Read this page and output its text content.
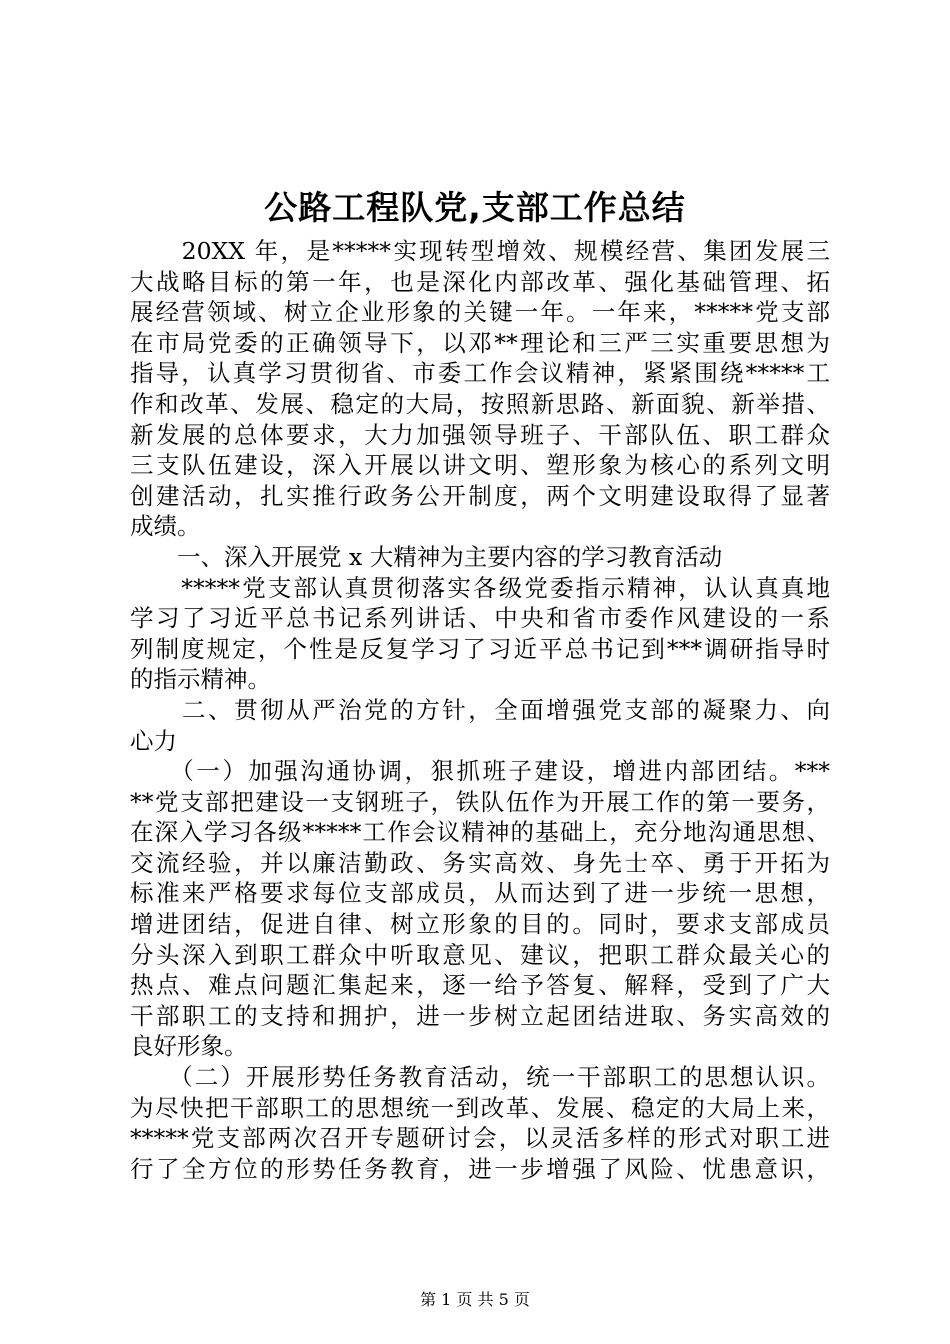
公路工程队党,支部工作总结
　　20XX 年，是*****实现转型增效、规模经营、集团发展三
大战略目标的第一年，也是深化内部改革、强化基础管理、拓
展经营领域、树立企业形象的关键一年。一年来，*****党支部
在市局党委的正确领导下，以邓**理论和三严三实重要思想为
指导，认真学习贯彻省、市委工作会议精神，紧紧围绕*****工
作和改革、发展、稳定的大局，按照新思路、新面貌、新举措、
新发展的总体要求，大力加强领导班子、干部队伍、职工群众
三支队伍建设，深入开展以讲文明、塑形象为核心的系列文明
创建活动，扎实推行政务公开制度，两个文明建设取得了显著
成绩。
　　一、深入开展党 x 大精神为主要内容的学习教育活动
　　*****党支部认真贯彻落实各级党委指示精神，认认真真地
学习了习近平总书记系列讲话、中央和省市委作风建设的一系
列制度规定，个性是反复学习了习近平总书记到***调研指导时
的指示精神。
　　二、贯彻从严治党的方针，全面增强党支部的凝聚力、向
心力
　　（一）加强沟通协调，狠抓班子建设，增进内部团结。***
**党支部把建设一支钢班子，铁队伍作为开展工作的第一要务，
在深入学习各级*****工作会议精神的基础上，充分地沟通思想、
交流经验，并以廉洁勤政、务实高效、身先士卒、勇于开拓为
标准来严格要求每位支部成员，从而达到了进一步统一思想，
增进团结，促进自律、树立形象的目的。同时，要求支部成员
分头深入到职工群众中听取意见、建议，把职工群众最关心的
热点、难点问题汇集起来，逐一给予答复、解释，受到了广大
干部职工的支持和拥护，进一步树立起团结进取、务实高效的
良好形象。
　　（二）开展形势任务教育活动，统一干部职工的思想认识。
为尽快把干部职工的思想统一到改革、发展、稳定的大局上来，
*****党支部两次召开专题研讨会，以灵活多样的形式对职工进
行了全方位的形势任务教育，进一步增强了风险、忧患意识，
第 1 页 共 5 页
